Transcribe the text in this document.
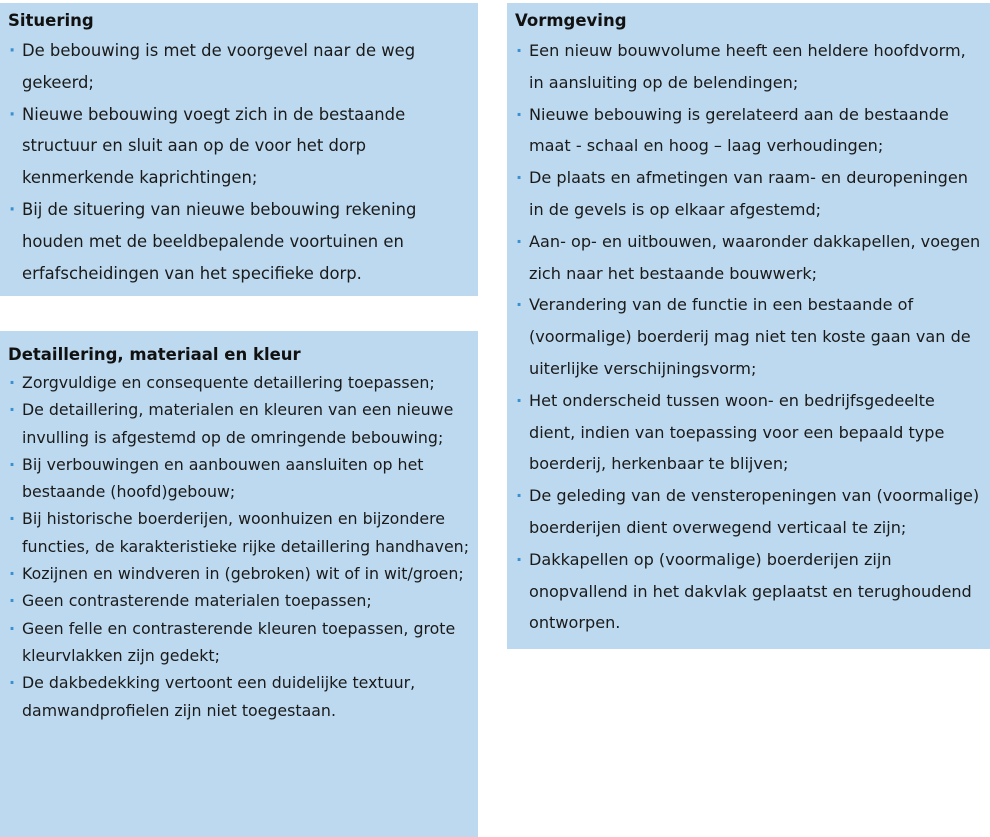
Situering
· De bebouwing is met de voorgevel naar de weg gekeerd;
· Nieuwe bebouwing voegt zich in de bestaande structuur en sluit aan op de voor het dorp kenmerkende kaprichtingen;
· Bij de situering van nieuwe bebouwing rekening houden met de beeldbepalende voortuinen en erfafscheidingen van het specifieke dorp.
Detaillering, materiaal en kleur
· Zorgvuldige en consequente detaillering toepassen;
· De detaillering, materialen en kleuren van een nieuwe invulling is afgestemd op de omringende bebouwing;
· Bij verbouwingen en aanbouwen aansluiten op het bestaande (hoofd)gebouw;
· Bij historische boerderijen, woonhuizen en bijzondere functies, de karakteristieke rijke detaillering handhaven;
· Kozijnen en windveren in (gebroken) wit of in wit/groen;
· Geen contrasterende materialen toepassen;
· Geen felle en contrasterende kleuren toepassen, grote kleurvlakken zijn gedekt;
· De dakbedekking vertoont een duidelijke textuur, damwandprofielen zijn niet toegestaan.
Vormgeving
· Een nieuw bouwvolume heeft een heldere hoofdvorm, in aansluiting op de belendingen;
· Nieuwe bebouwing is gerelateerd aan de bestaande maat - schaal en hoog – laag verhoudingen;
· De plaats en afmetingen van raam- en deuropeningen in de gevels is op elkaar afgestemd;
· Aan- op- en uitbouwen, waaronder dakkapellen, voegen zich naar het bestaande bouwwerk;
· Verandering van de functie in een bestaande of (voormalige) boerderij mag niet ten koste gaan van de uiterlijke verschijningsvorm;
· Het onderscheid tussen woon- en bedrijfsgedeelte dient, indien van toepassing voor een bepaald type boerderij, herkenbaar te blijven;
· De geleding van de vensteropeningen van (voormalige) boerderijen dient overwegend verticaal te zijn;
· Dakkapellen op (voormalige) boerderijen zijn onopvallend in het dakvlak geplaatst en terughoudend ontworpen.
